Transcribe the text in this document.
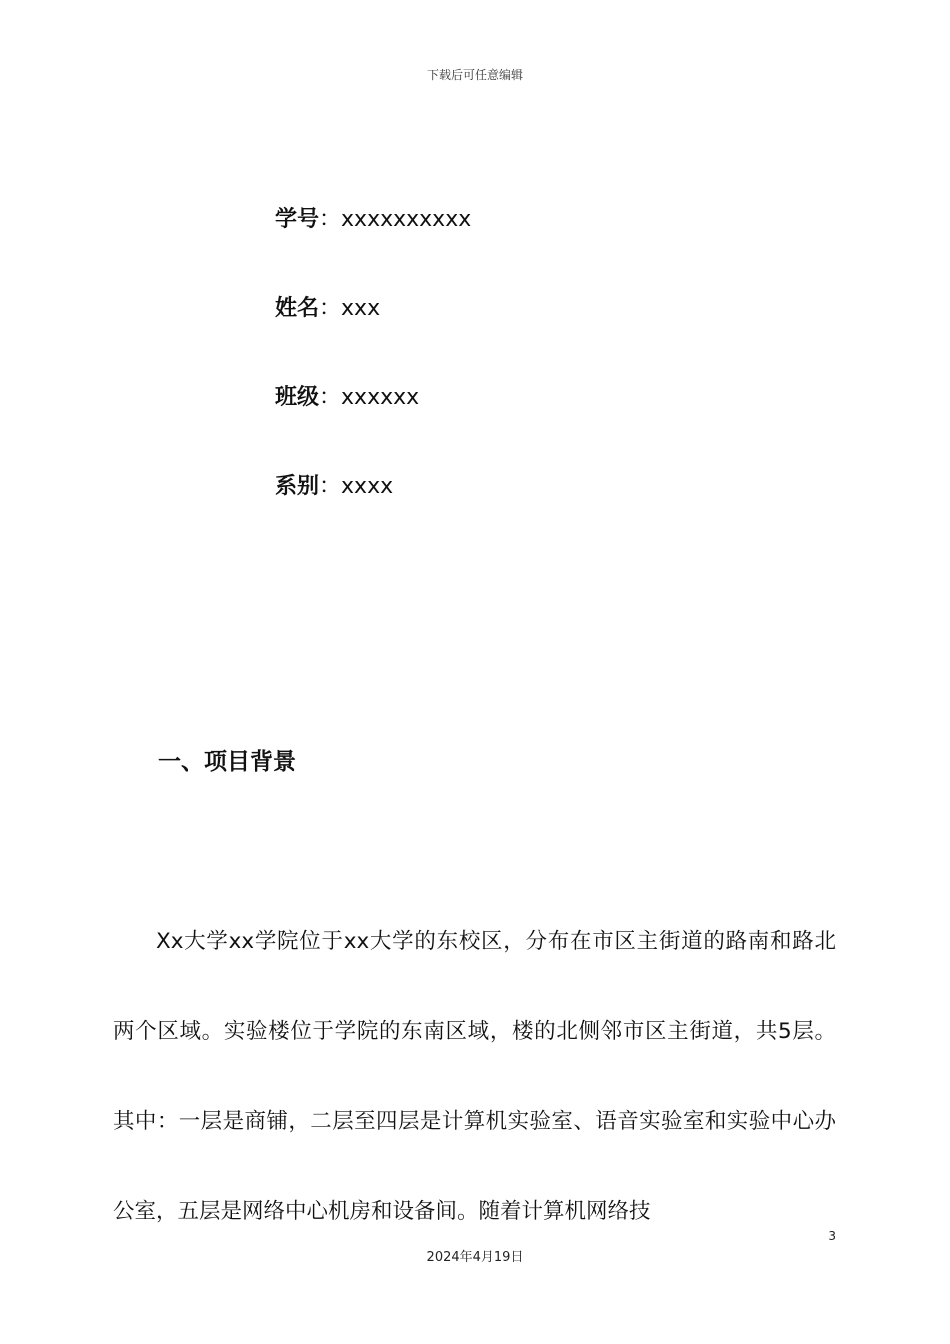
下载后可任意编辑
学号：xxxxxxxxxx
姓名：xxx
班级：xxxxxx
系别：xxxx
一、项目背景

Xx大学xx学院位于xx大学的东校区，分布在市区主街道的路南和路北两个区域。实验楼位于学院的东南区域，楼的北侧邻市区主街道，共5层。其中：一层是商铺，二层至四层是计算机实验室、语音实验室和实验中心办公室，五层是网络中心机房和设备间。随着计算机网络技

3
2024年4月19日
